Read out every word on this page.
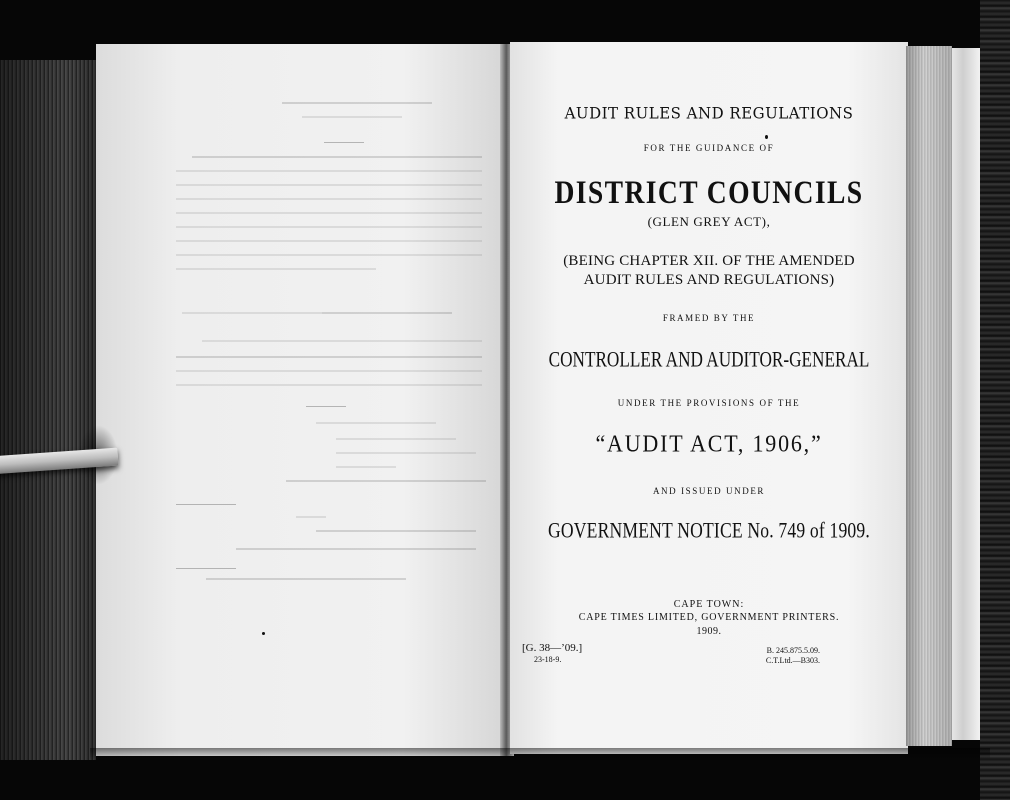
AUDIT RULES AND REGULATIONS
FOR THE GUIDANCE OF
DISTRICT COUNCILS
(GLEN GREY ACT),
(BEING CHAPTER XII. OF THE AMENDED
AUDIT RULES AND REGULATIONS)
FRAMED BY THE
CONTROLLER AND AUDITOR-GENERAL
UNDER THE PROVISIONS OF THE
“AUDIT ACT, 1906,”
AND ISSUED UNDER
GOVERNMENT NOTICE No. 749 of 1909.
CAPE TOWN:
CAPE TIMES LIMITED, GOVERNMENT PRINTERS.
1909.
[G. 38—’09.]
23-18-9.
B. 245.875.5.09.
C.T.Ltd.—B303.
